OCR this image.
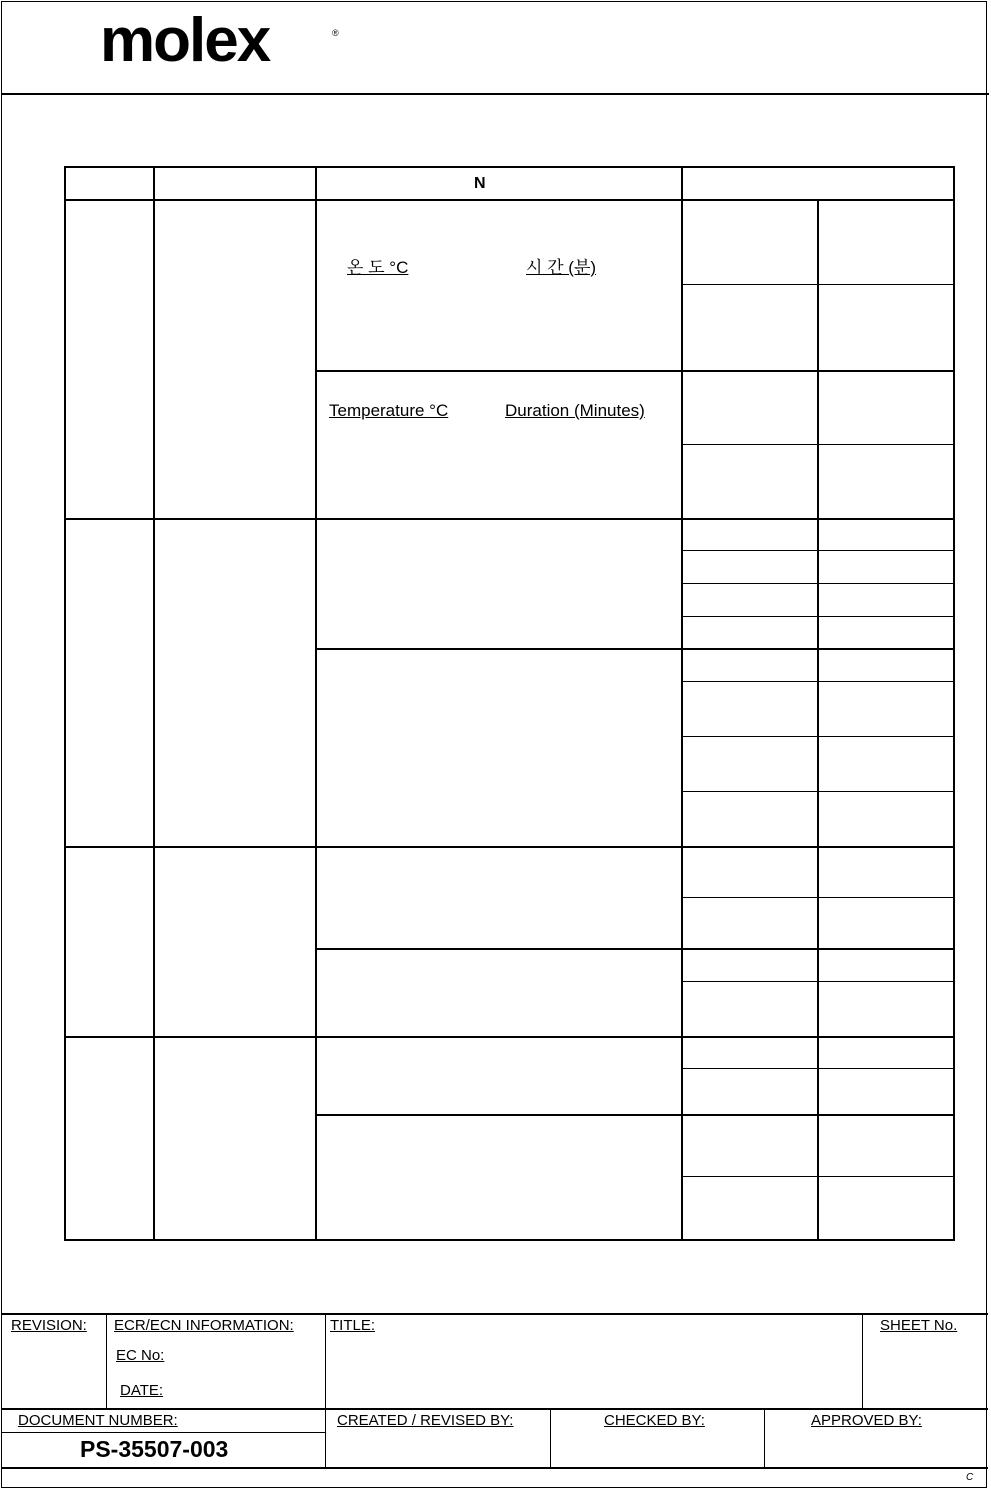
molex	®
N
온 도 °C	시 간 (분)
Temperature °C	Duration (Minutes)
REVISION: ECR/ECN INFORMATION:
EC No:
DATE:
TITLE:	SHEET No.
DOCUMENT NUMBER:
PS-35507-003
CREATED / REVISED BY:	CHECKED BY:	APPROVED BY:
C
